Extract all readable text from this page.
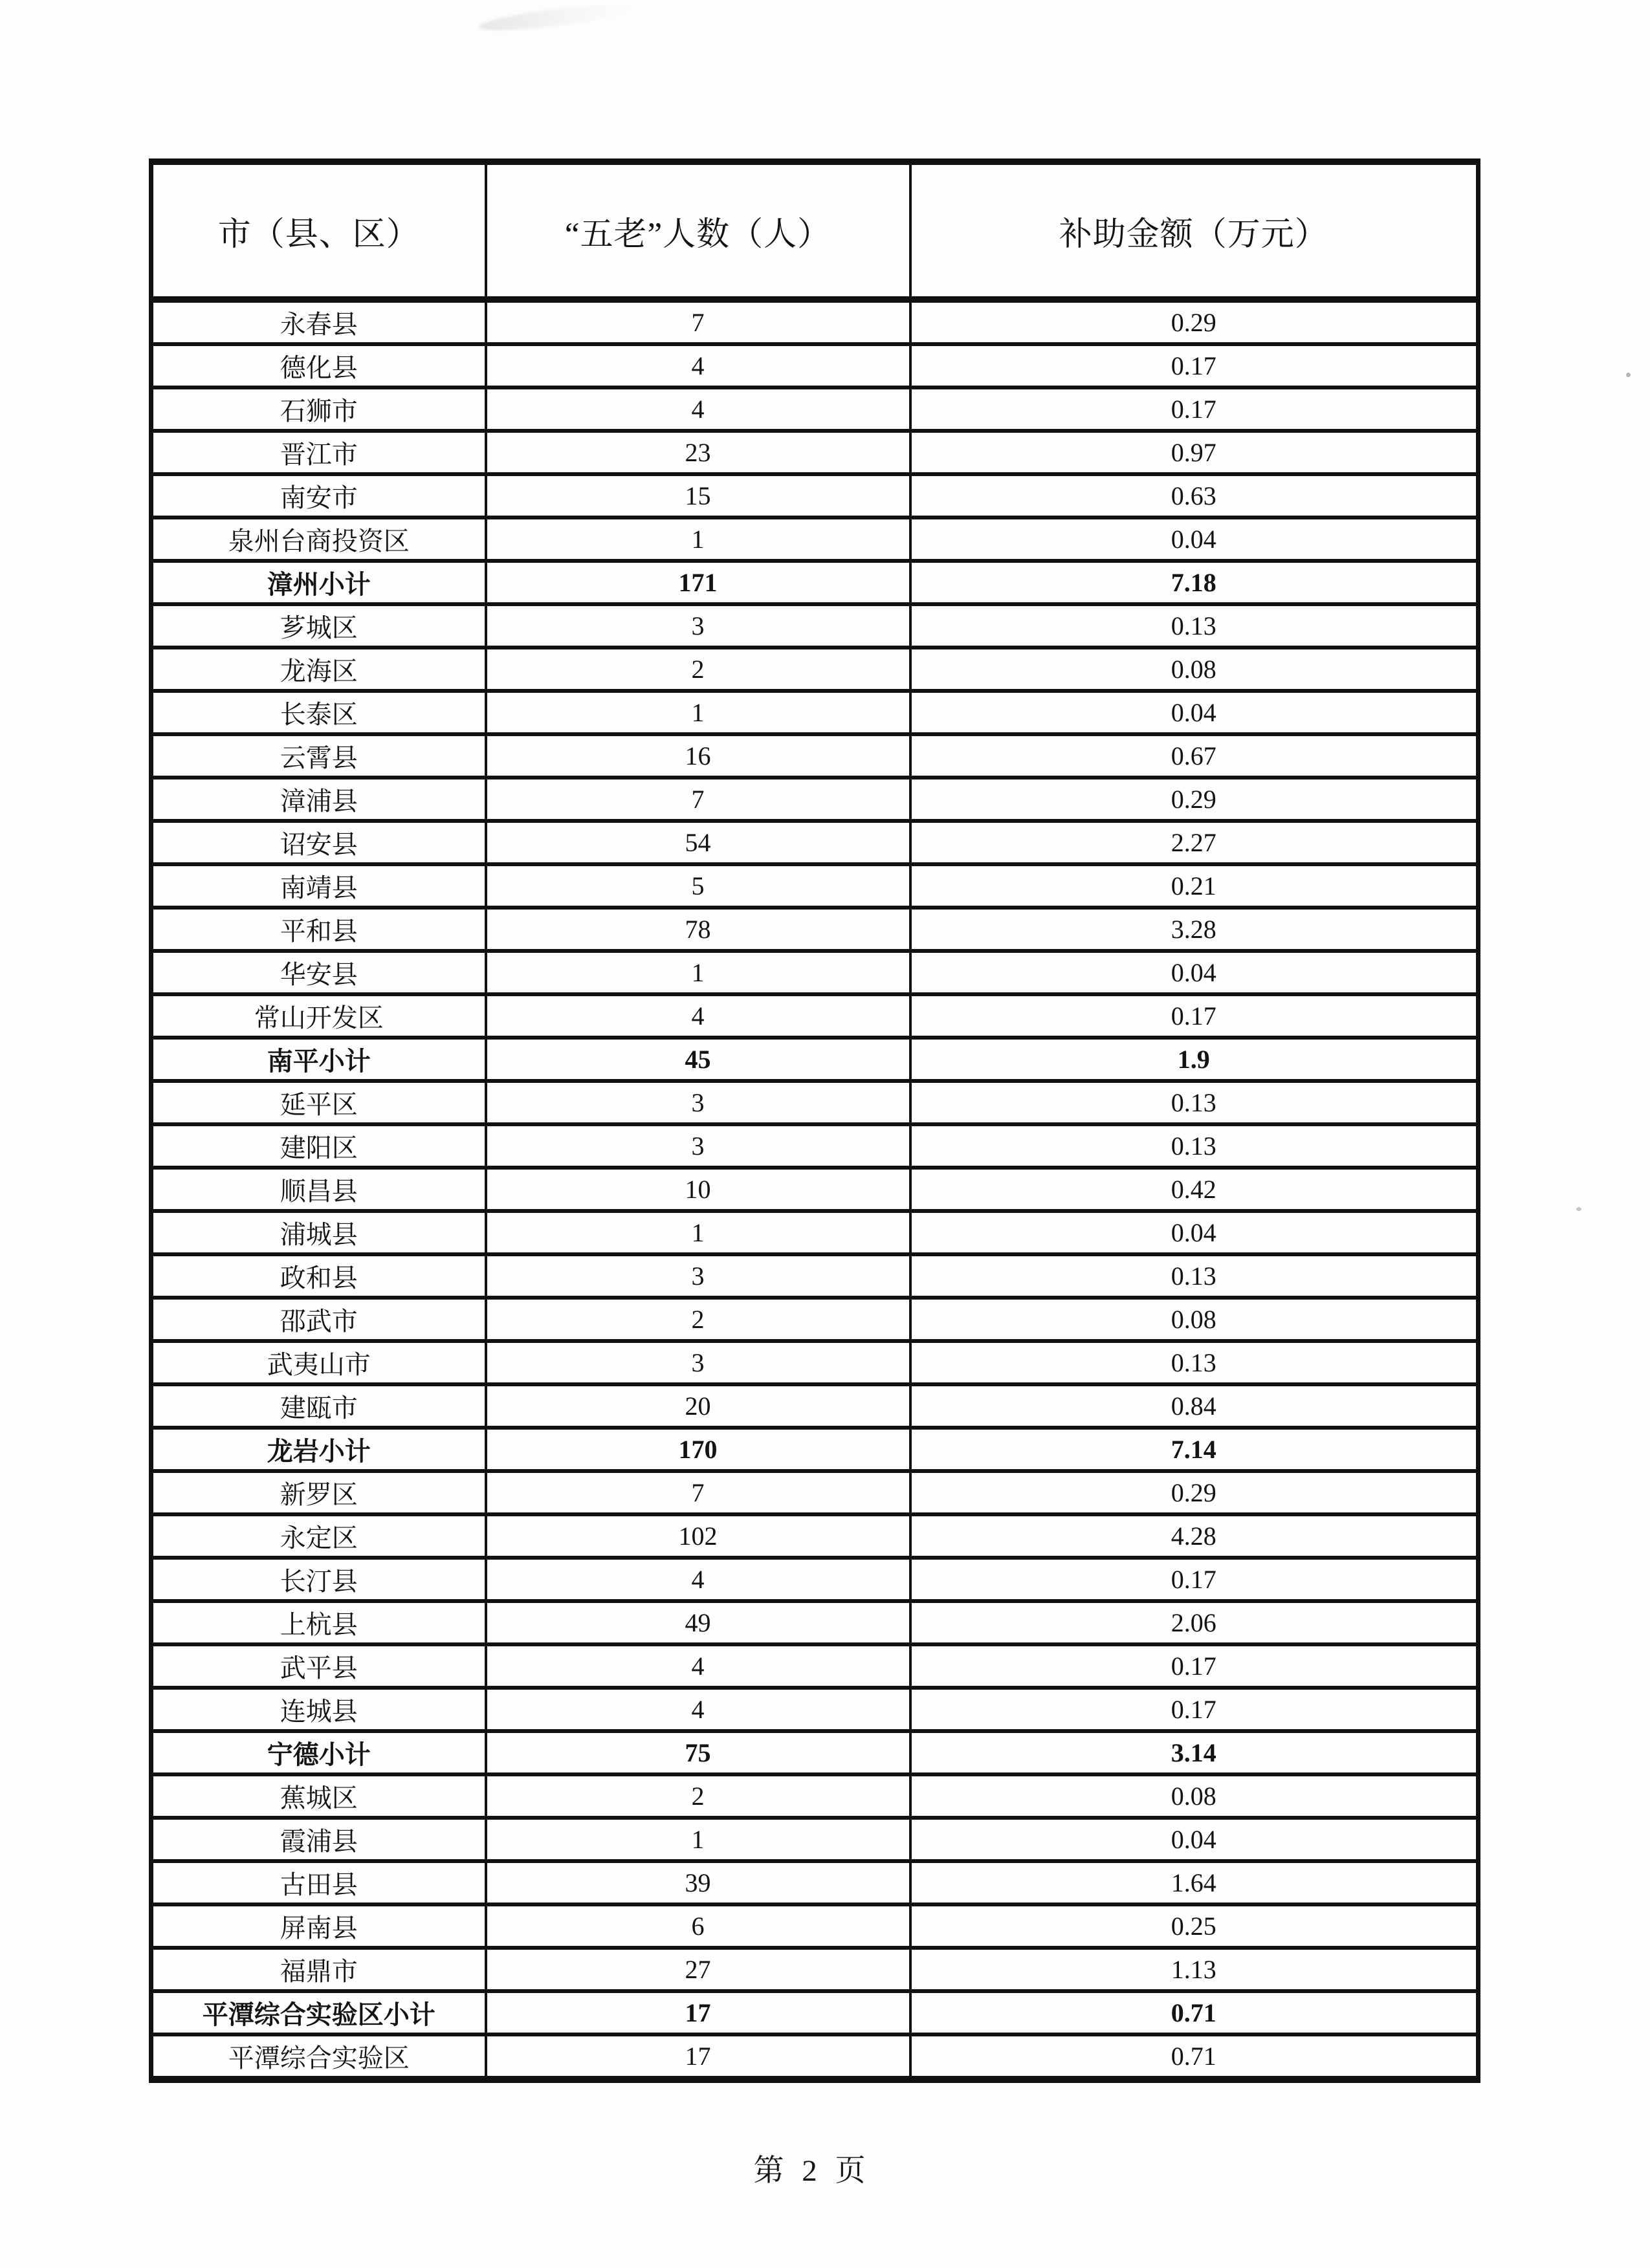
市（县、区）	“五老”人数（人）	补助金额（万元）
永春县	7	0.29
德化县	4	0.17
石狮市	4	0.17
晋江市	23	0.97
南安市	15	0.63
泉州台商投资区	1	0.04
漳州小计	171	7.18
芗城区	3	0.13
龙海区	2	0.08
长泰区	1	0.04
云霄县	16	0.67
漳浦县	7	0.29
诏安县	54	2.27
南靖县	5	0.21
平和县	78	3.28
华安县	1	0.04
常山开发区	4	0.17
南平小计	45	1.9
延平区	3	0.13
建阳区	3	0.13
顺昌县	10	0.42
浦城县	1	0.04
政和县	3	0.13
邵武市	2	0.08
武夷山市	3	0.13
建瓯市	20	0.84
龙岩小计	170	7.14
新罗区	7	0.29
永定区	102	4.28
长汀县	4	0.17
上杭县	49	2.06
武平县	4	0.17
连城县	4	0.17
宁德小计	75	3.14
蕉城区	2	0.08
霞浦县	1	0.04
古田县	39	1.64
屏南县	6	0.25
福鼎市	27	1.13
平潭综合实验区小计	17	0.71
平潭综合实验区	17	0.71
第 2 页
